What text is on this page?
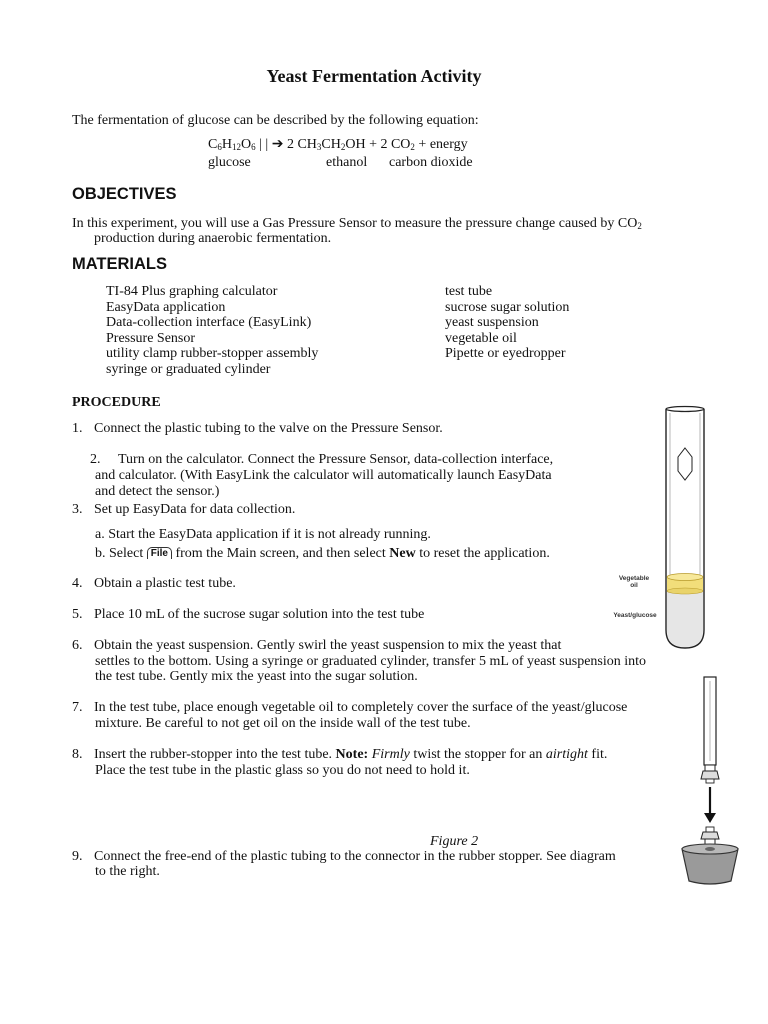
Yeast Fermentation Activity
The fermentation of glucose can be described by the following equation:
$C_6H_{12}O_6$ | | ➔ 2 $CH_3CH_2OH + 2$ $CO_2$ + energy
glucose	ethanol carbon dioxide
OBJECTIVES
In this experiment, you will use a Gas Pressure Sensor to measure the pressure change caused by $CO_2$
production during anaerobic fermentation.
MATERIALS
TI-84 Plus graphing calculator
EasyData application
Data-collection interface (EasyLink)
Pressure Sensor
utility clamp rubber-stopper assembly
syringe or graduated cylinder
test tube
sucrose sugar solution
yeast suspension
vegetable oil
Pipette or eyedropper
PROCEDURE
1. Connect the plastic tubing to the valve on the Pressure Sensor.
2. Turn on the calculator. Connect the Pressure Sensor, data-collection interface,
and calculator. (With EasyLink the calculator will automatically launch EasyData
and detect the sensor.)
3. Set up EasyData for data collection.
a. Start the EasyData application if it is not already running.
b. Select File from the Main screen, and then select New to reset the application.
4. Obtain a plastic test tube.
5. Place 10 mL of the sucrose sugar solution into the test tube
6. Obtain the yeast suspension. Gently swirl the yeast suspension to mix the yeast that
settles to the bottom. Using a syringe or graduated cylinder, transfer 5 mL of yeast suspension into
the test tube. Gently mix the yeast into the sugar solution.
7. In the test tube, place enough vegetable oil to completely cover the surface of the yeast/glucose
mixture. Be careful to not get oil on the inside wall of the test tube.
8. Insert the rubber-stopper into the test tube. Note: Firmly twist the stopper for an airtight fit.
Place the test tube in the plastic glass so you do not need to hold it.
Figure 2
9. Connect the free-end of the plastic tubing to the connector in the rubber stopper. See diagram
to the right.
Vegetable
oil
Yeast/glucose
